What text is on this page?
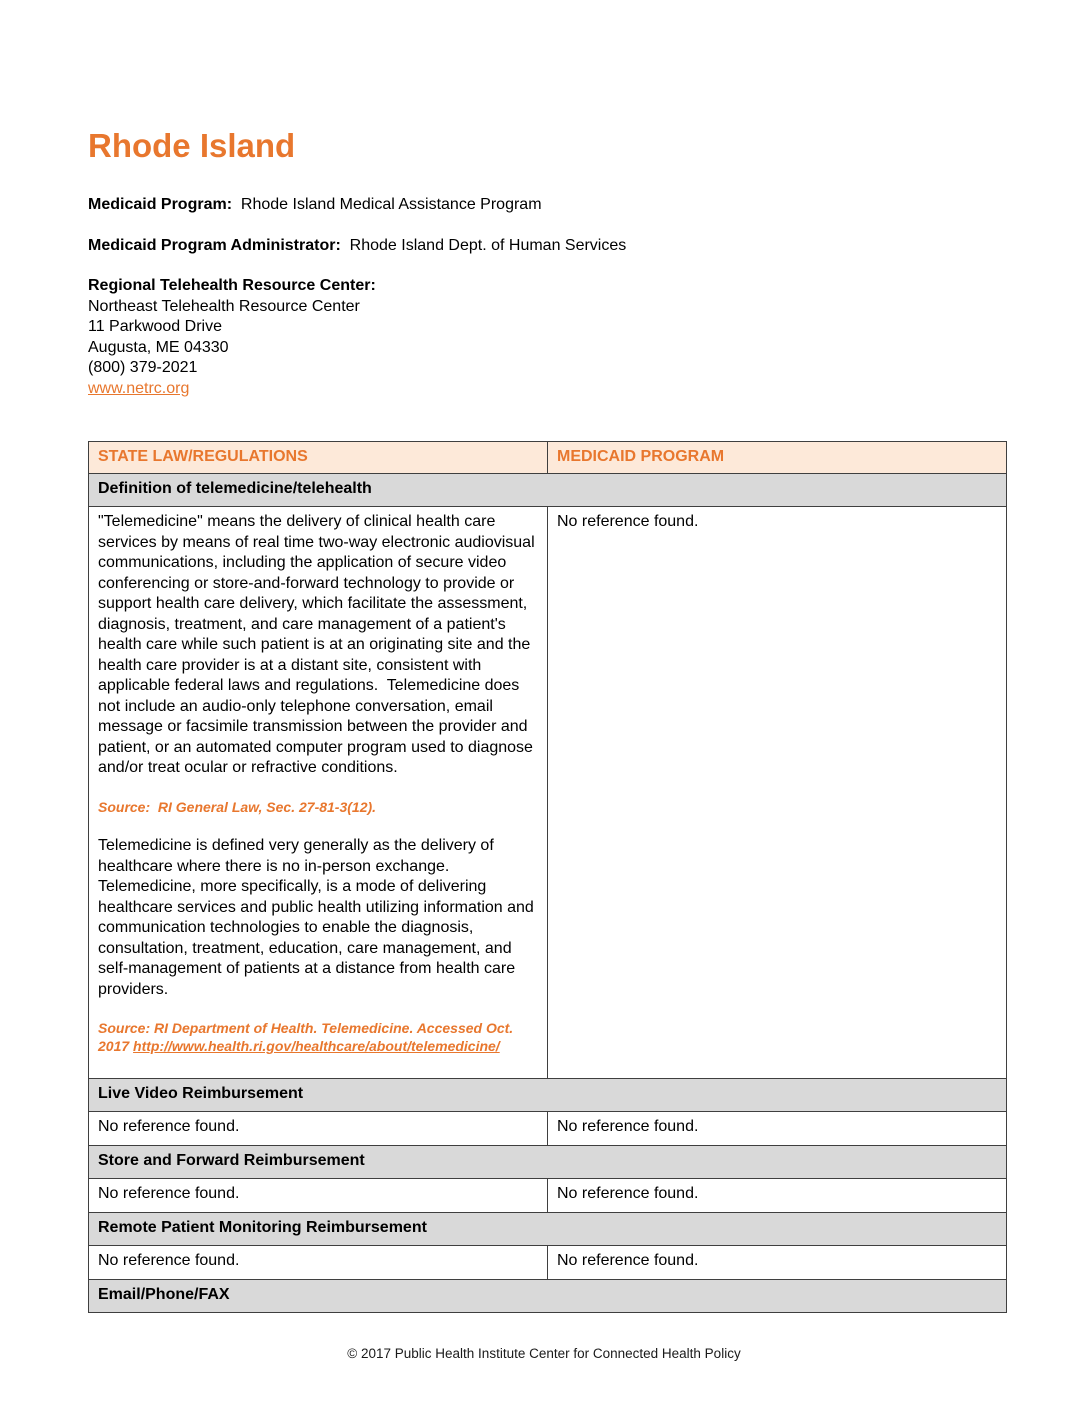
Rhode Island

Medicaid Program: Rhode Island Medical Assistance Program

Medicaid Program Administrator: Rhode Island Dept. of Human Services

Regional Telehealth Resource Center:

Northeast Telehealth Resource Center

11 Parkwood Drive

Augusta, ME 04330

(800) 379-2021

www.netrc.org
STATE LAW/REGULATIONS	MEDICAID PROGRAM
Definition of telemedicine/telehealth	

"Telemedicine" means the delivery of clinical health care services by means of real time two-way electronic audiovisual communications, including the application of secure video conferencing or store-and-forward technology to provide or support health care delivery, which facilitate the assessment, diagnosis, treatment, and care management of a patient's health care while such patient is at an originating site and the health care provider is at a distant site, consistent with applicable federal laws and regulations.  Telemedicine does not include an audio-only telephone conversation, email message or facsimile transmission between the provider and patient, or an automated computer program used to diagnose and/or treat ocular or refractive conditions.

Source:  RI General Law, Sec. 27-81-3(12).

Telemedicine is defined very generally as the delivery of healthcare where there is no in-person exchange.  Telemedicine, more specifically, is a mode of delivering healthcare services and public health utilizing information and communication technologies to enable the diagnosis, consultation, treatment, education, care management, and self-management of patients at a distance from health care providers.

Source: RI Department of Health. Telemedicine. Accessed Oct. 2017 http://www.health.ri.gov/healthcare/about/telemedicine/	No reference found.
Live Video Reimbursement	
No reference found.	No reference found.
Store and Forward Reimbursement	
No reference found.	No reference found.
Remote Patient Monitoring Reimbursement	
No reference found.	No reference found.
Email/Phone/FAX	
© 2017 Public Health Institute Center for Connected Health Policy
